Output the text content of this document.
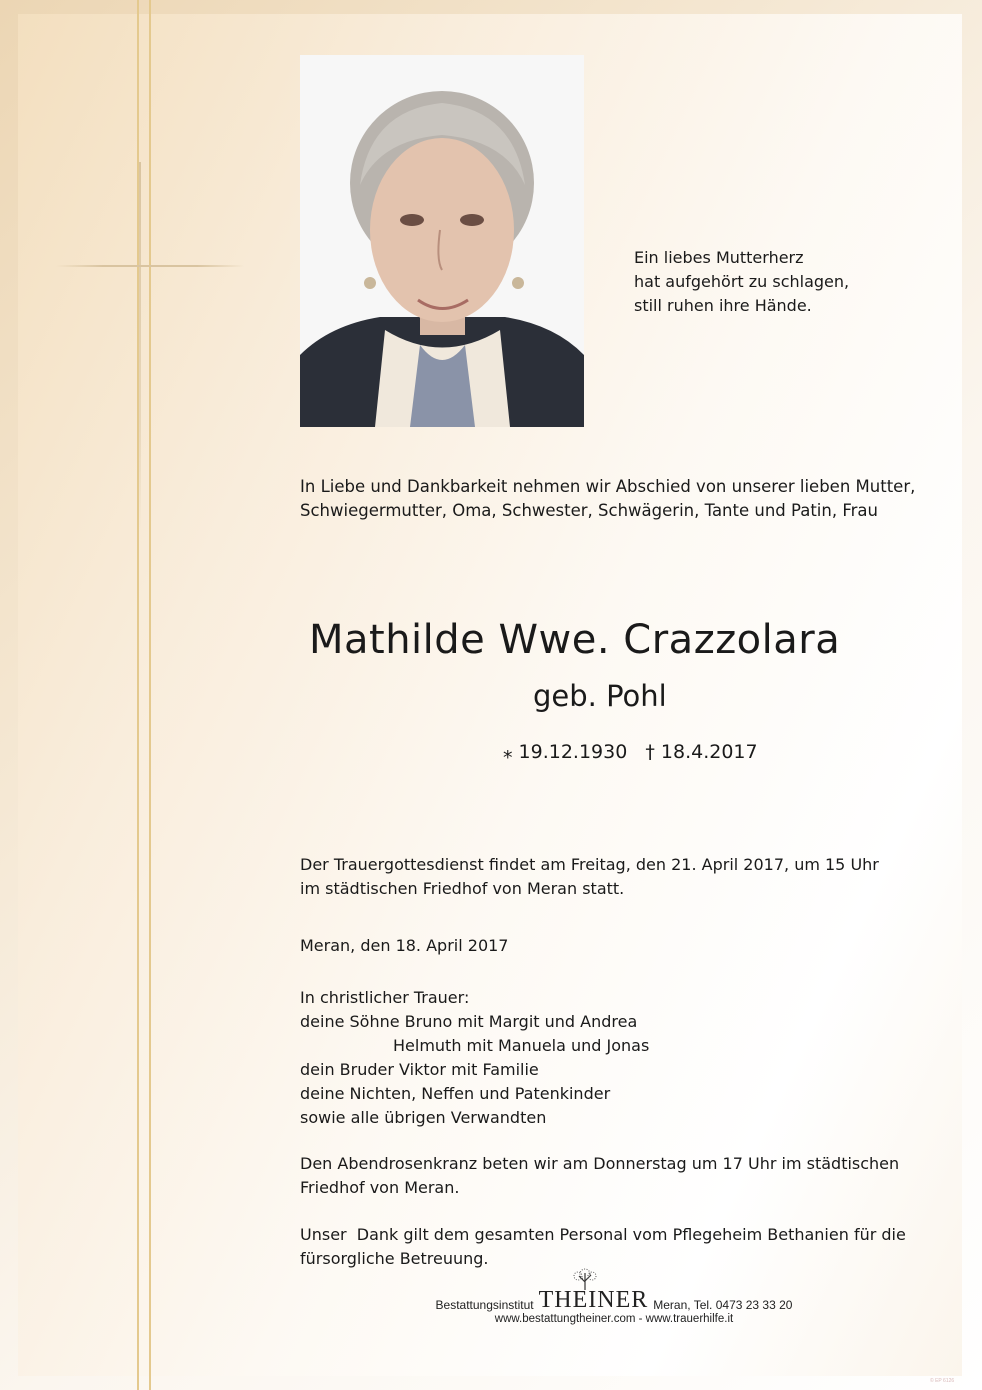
Ein liebes Mutterherz
hat aufgehört zu schlagen,
still ruhen ihre Hände.
In Liebe und Dankbarkeit nehmen wir Abschied von unserer lieben Mutter,
Schwiegermutter, Oma, Schwester, Schwägerin, Tante und Patin, Frau
Mathilde Wwe. Crazzolara
geb. Pohl
⁎ 19.12.1930 † 18.4.2017
Der Trauergottesdienst findet am Freitag, den 21. April 2017, um 15 Uhr
im städtischen Friedhof von Meran statt.
Meran, den 18. April 2017
In christlicher Trauer:
deine Söhne Bruno mit Margit und Andrea
Helmuth mit Manuela und Jonas
dein Bruder Viktor mit Familie
deine Nichten, Neffen und Patenkinder
sowie alle übrigen Verwandten
Den Abendrosenkranz beten wir am Donnerstag um 17 Uhr im städtischen
Friedhof von Meran.
Unser  Dank gilt dem gesamten Personal vom Pflegeheim Bethanien für die
fürsorgliche Betreuung.
Bestattungsinstitut THEINER Meran, Tel. 0473 23 33 20
www.bestattungtheiner.com - www.trauerhilfe.it
© EP 6126
